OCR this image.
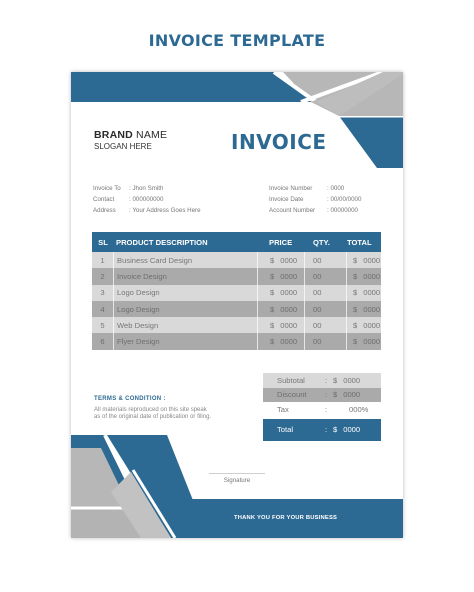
INVOICE TEMPLATE
BRAND NAME
SLOGAN HERE	INVOICE
Invoice To	: Jhon Smith
Contact	: 000000000
Address	: Your Address Goes Here
Invoice Number	: 0000
Invoice Date	: 00/00/0000
Account Number	: 00000000
SL	PRODUCT DESCRIPTION	PRICE	QTY.	TOTAL
1	Business Card Design	$ 0000	00	$ 0000
2	Invoice Design	$ 0000	00	$ 0000
3	Logo Design	$ 0000	00	$ 0000
4	Logo Design	$ 0000	00	$ 0000
5	Web Design	$ 0000	00	$ 0000
6	Flyer Design	$ 0000	00	$ 0000
TERMS & CONDITION :
All materials reproduced on this site speak as of the original date of publication or filing.
Subtotal	: $ 0000
Discount	: $ 0000
Tax	:	000%
Total	: $ 0000
Signature
THANK YOU FOR YOUR BUSINESS
